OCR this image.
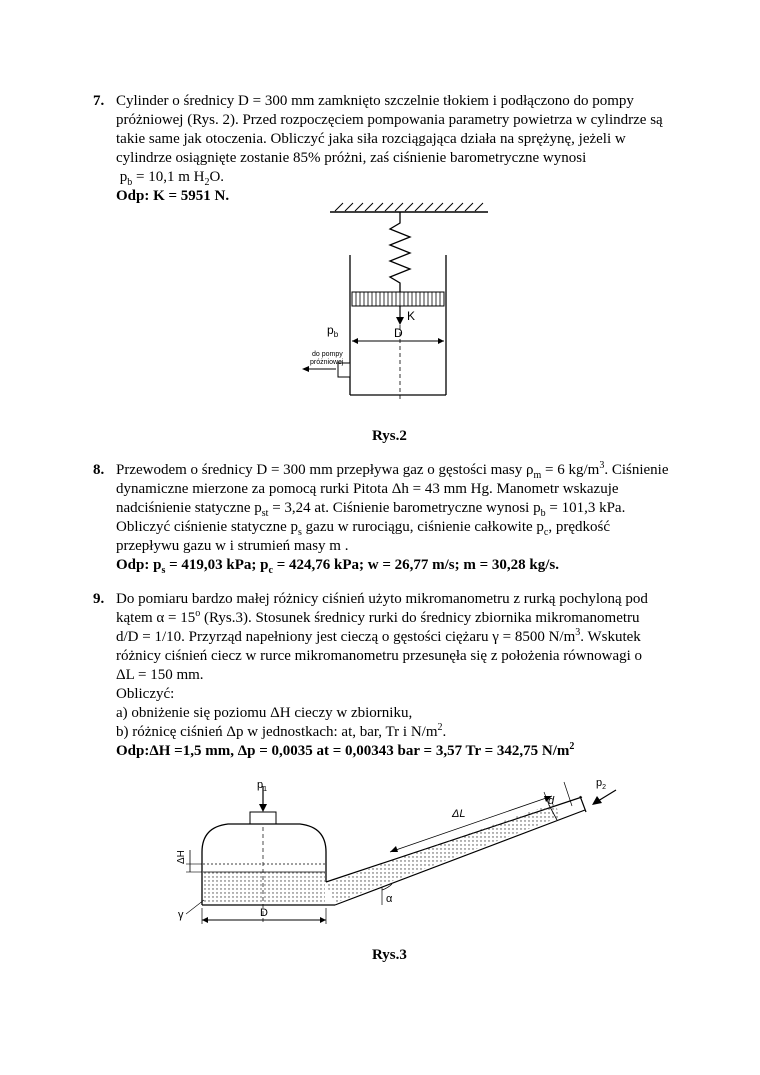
7. Cylinder o średnicy D = 300 mm zamknięto szczelnie tłokiem i podłączono do pompy
próżniowej (Rys. 2). Przed rozpoczęciem pompowania parametry powietrza w cylindrze są
takie same jak otoczenia. Obliczyć jaka siła rozciągająca działa na sprężynę, jeżeli w
cylindrze osiągnięte zostanie 85% próżni, zaś ciśnienie barometryczne wynosi
$p_b = 10,1$ m $H_2O$.
Odp: K = 5951 N.
K
D
$p_b$
do pompy
próżniowej
Rys.2
8. Przewodem o średnicy D = 300 mm przepływa gaz o gęstości masy $\rho_m = 6$ $kg/m^3$. Ciśnienie
dynamiczne mierzone za pomocą rurki Pitota Δh = 43 mm Hg. Manometr wskazuje
nadciśnienie statyczne $p_{st} = 3,24$ at. Ciśnienie barometryczne wynosi $p_b = 101,3$ kPa.
Obliczyć ciśnienie statyczne $p_s$ gazu w rurociągu, ciśnienie całkowite $p_c$, prędkość
przepływu gazu w i strumień masy m .
Odp: $p_s = 419,03$ kPa; $p_c = 424,76$ kPa; w = 26,77 m/s; m = 30,28 kg/s.
9. Do pomiaru bardzo małej różnicy ciśnień użyto mikromanometru z rurką pochyloną pod
kątem $\alpha = 15^o$ (Rys.3). Stosunek średnicy rurki do średnicy zbiornika mikromanometru
d/D = 1/10. Przyrząd napełniony jest cieczą o gęstości ciężaru γ = 8500 $N/m^3$. Wskutek
różnicy ciśnień ciecz w rurce mikromanometru przesunęła się z położenia równowagi o
ΔL = 150 mm.
Obliczyć:
a) obniżenie się poziomu ΔH cieczy w zbiorniku,
b) różnicę ciśnień Δp w jednostkach: at, bar, Tr i $N/m^2$.
Odp:ΔH =1,5 mm, Δp = 0,0035 at = 0,00343 bar = 3,57 Tr = 342,75 $N/m^2$
$p_1$
$p_2$
ΔL
d
α
ΔH
γ	D
Rys.3
